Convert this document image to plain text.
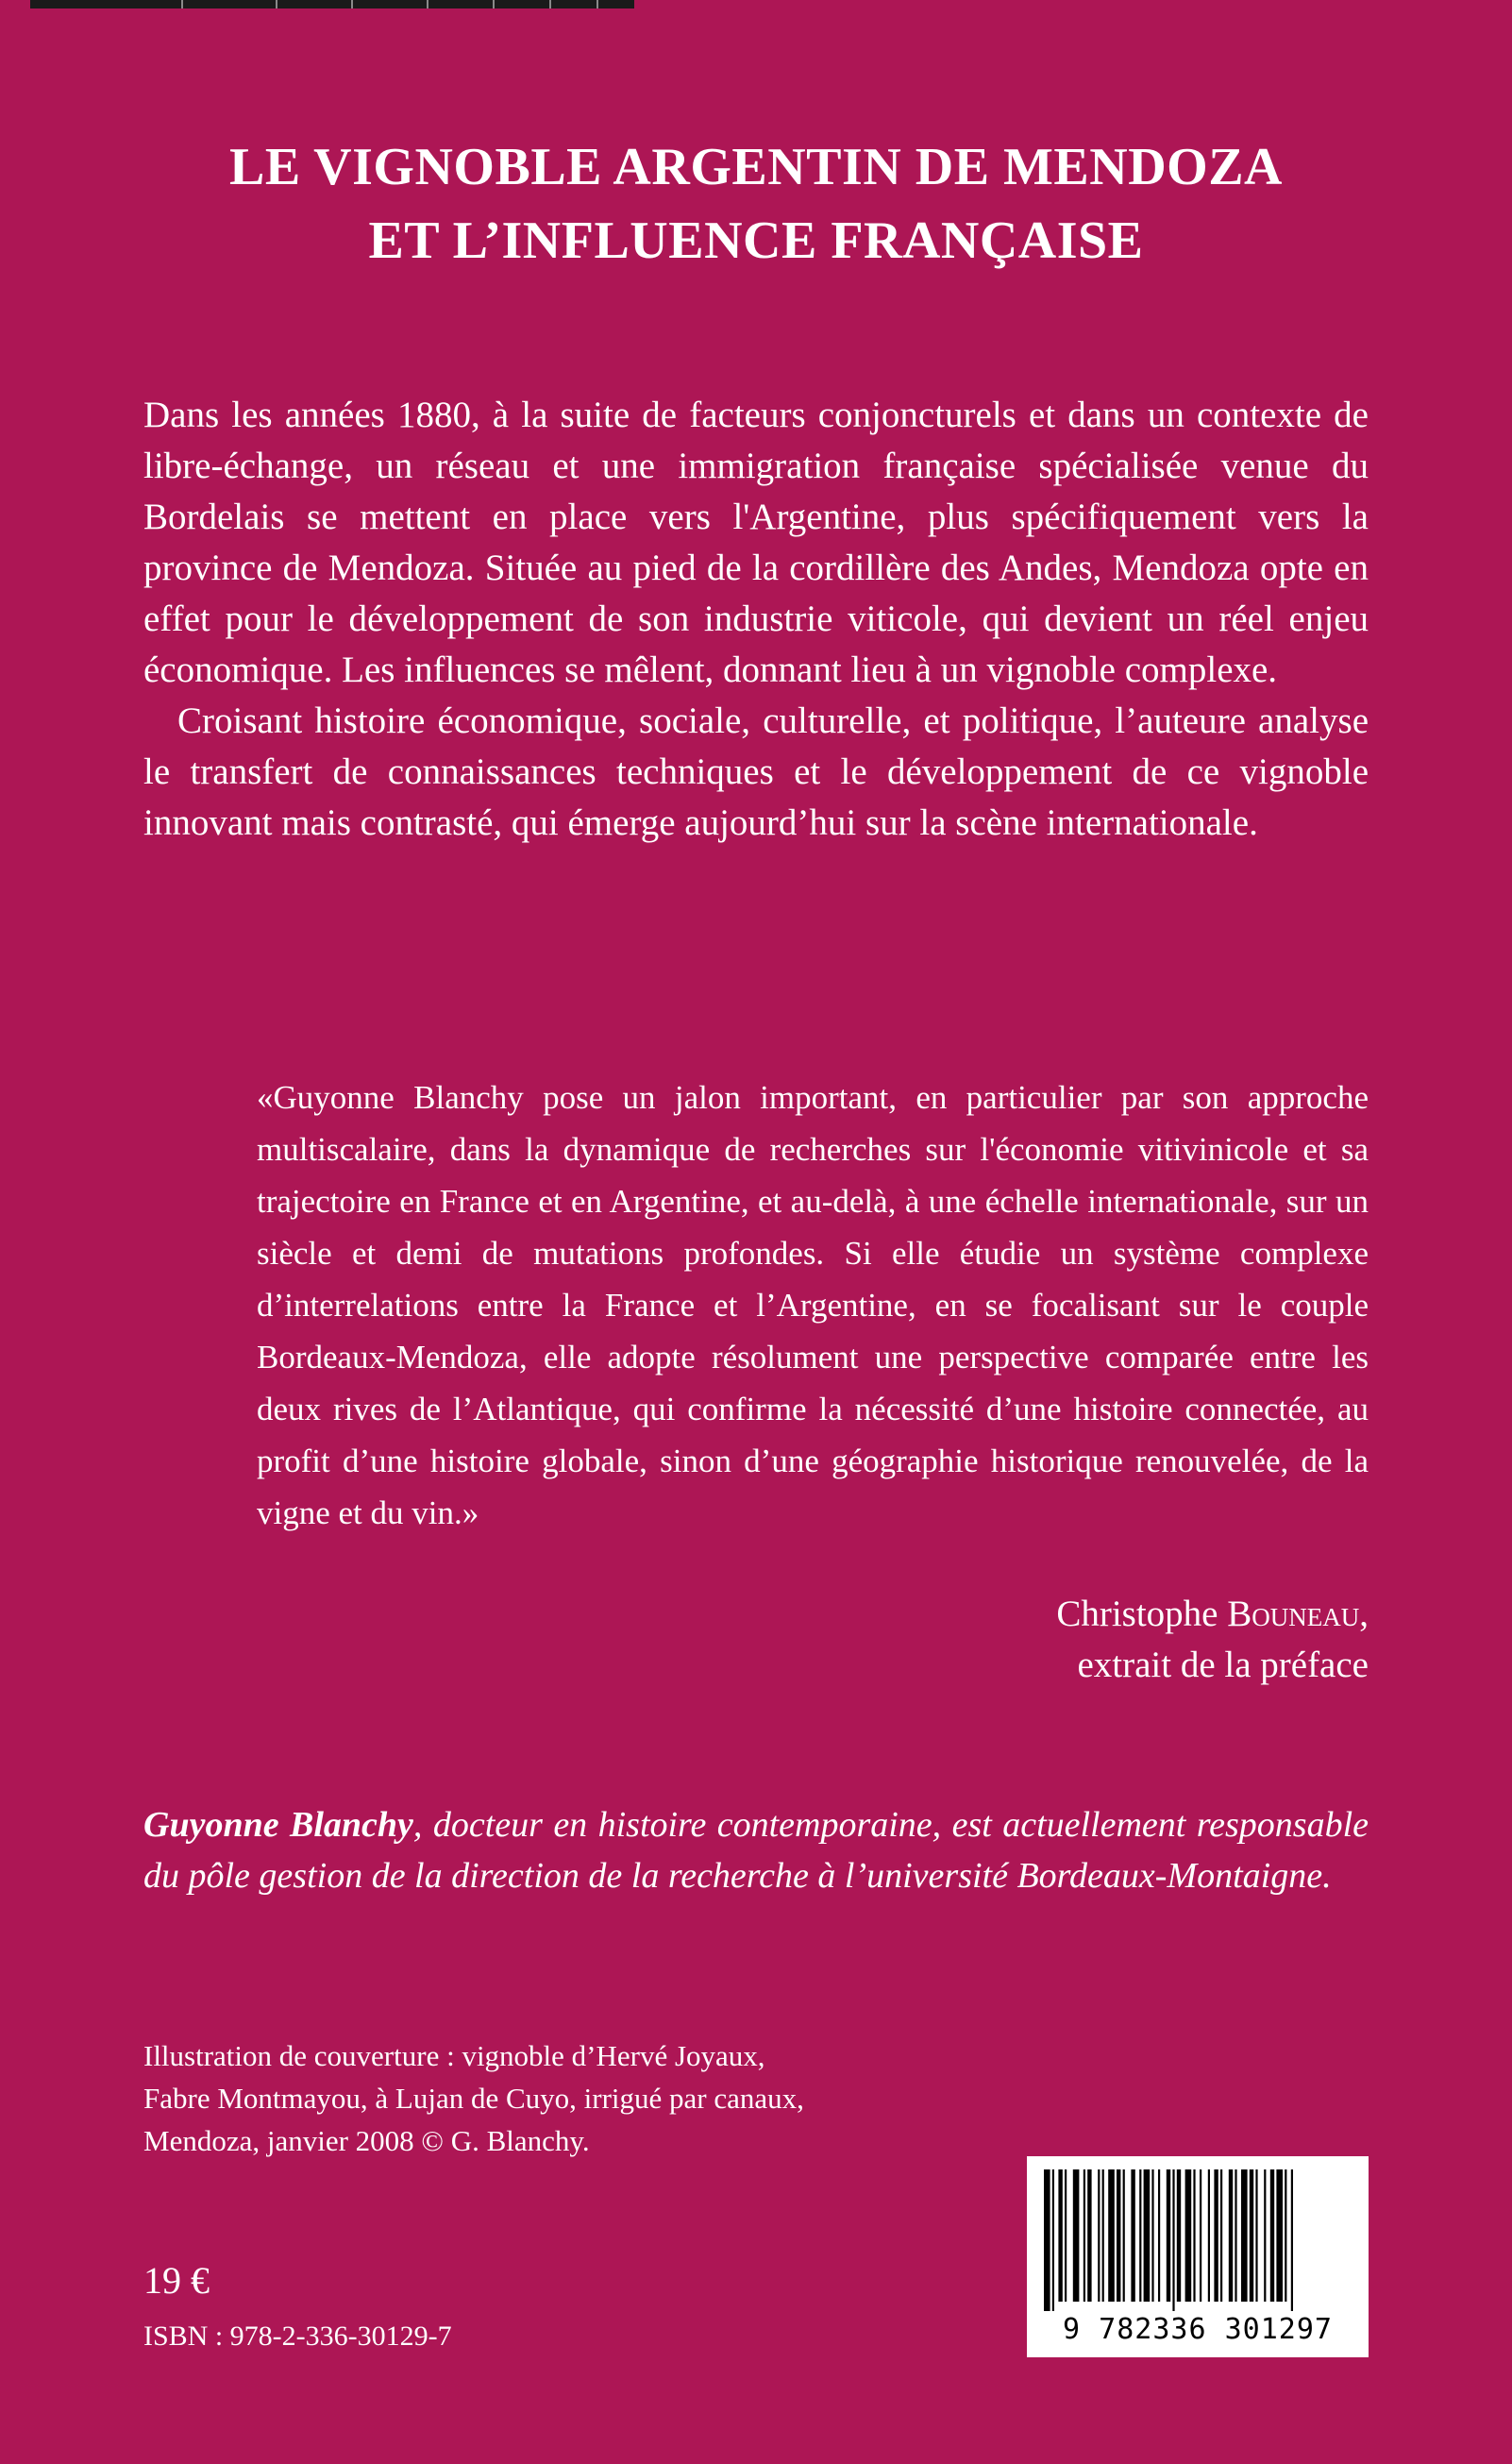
LE VIGNOBLE ARGENTIN DE MENDOZA
ET L’INFLUENCE FRANÇAISE

Dans les années 1880, à la suite de facteurs conjoncturels et dans un contexte de libre-échange, un réseau et une immigration française spécialisée venue du Bordelais se mettent en place vers l'Argentine, plus spécifiquement vers la province de Mendoza. Située au pied de la cordillère des Andes, Mendoza opte en effet pour le développement de son industrie viticole, qui devient un réel enjeu économique. Les influences se mêlent, donnant lieu à un vignoble complexe.

Croisant histoire économique, sociale, culturelle, et politique, l’auteure analyse le transfert de connaissances techniques et le développement de ce vignoble innovant mais contrasté, qui émerge aujourd’hui sur la scène internationale.

«Guyonne Blanchy pose un jalon important, en particulier par son approche multiscalaire, dans la dynamique de recherches sur l'économie vitivinicole et sa trajectoire en France et en Argentine, et au-delà, à une échelle internationale, sur un siècle et demi de mutations profondes. Si elle étudie un système complexe d’interrelations entre la France et l’Argentine, en se focalisant sur le couple Bordeaux-Mendoza, elle adopte résolument une perspective comparée entre les deux rives de l’Atlantique, qui confirme la nécessité d’une histoire connectée, au profit d’une histoire globale, sinon d’une géographie historique renouvelée, de la vigne et du vin.»

Christophe Bouneau,
extrait de la préface

Guyonne Blanchy, docteur en histoire contemporaine, est actuellement responsable du pôle gestion de la direction de la recherche à l’université Bordeaux-Montaigne.

Illustration de couverture : vignoble d’Hervé Joyaux,
Fabre Montmayou, à Lujan de Cuyo, irrigué par canaux,
Mendoza, janvier 2008 © G. Blanchy.
19 €
ISBN : 978-2-336-30129-7	9 782336 301297
